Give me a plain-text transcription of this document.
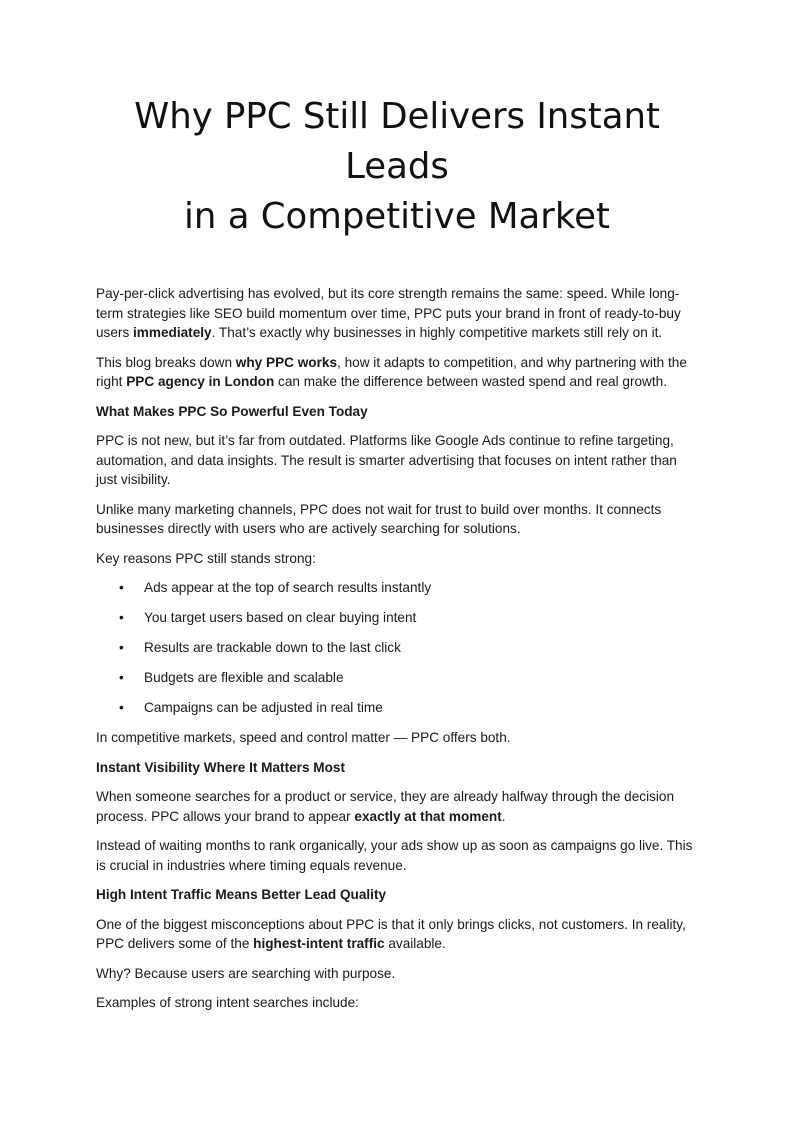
Why PPC Still Delivers Instant Leads
in a Competitive Market

Pay-per-click advertising has evolved, but its core strength remains the same: speed. While long-term strategies like SEO build momentum over time, PPC puts your brand in front of ready-to-buy users immediately. That’s exactly why businesses in highly competitive markets still rely on it.

This blog breaks down why PPC works, how it adapts to competition, and why partnering with the right PPC agency in London can make the difference between wasted spend and real growth.

What Makes PPC So Powerful Even Today

PPC is not new, but it’s far from outdated. Platforms like Google Ads continue to refine targeting, automation, and data insights. The result is smarter advertising that focuses on intent rather than just visibility.

Unlike many marketing channels, PPC does not wait for trust to build over months. It connects businesses directly with users who are actively searching for solutions.

Key reasons PPC still stands strong:

• Ads appear at the top of search results instantly
• You target users based on clear buying intent
• Results are trackable down to the last click
• Budgets are flexible and scalable
• Campaigns can be adjusted in real time

In competitive markets, speed and control matter — PPC offers both.

Instant Visibility Where It Matters Most

When someone searches for a product or service, they are already halfway through the decision process. PPC allows your brand to appear exactly at that moment.

Instead of waiting months to rank organically, your ads show up as soon as campaigns go live. This is crucial in industries where timing equals revenue.

High Intent Traffic Means Better Lead Quality

One of the biggest misconceptions about PPC is that it only brings clicks, not customers. In reality, PPC delivers some of the highest-intent traffic available.

Why? Because users are searching with purpose.

Examples of strong intent searches include:
